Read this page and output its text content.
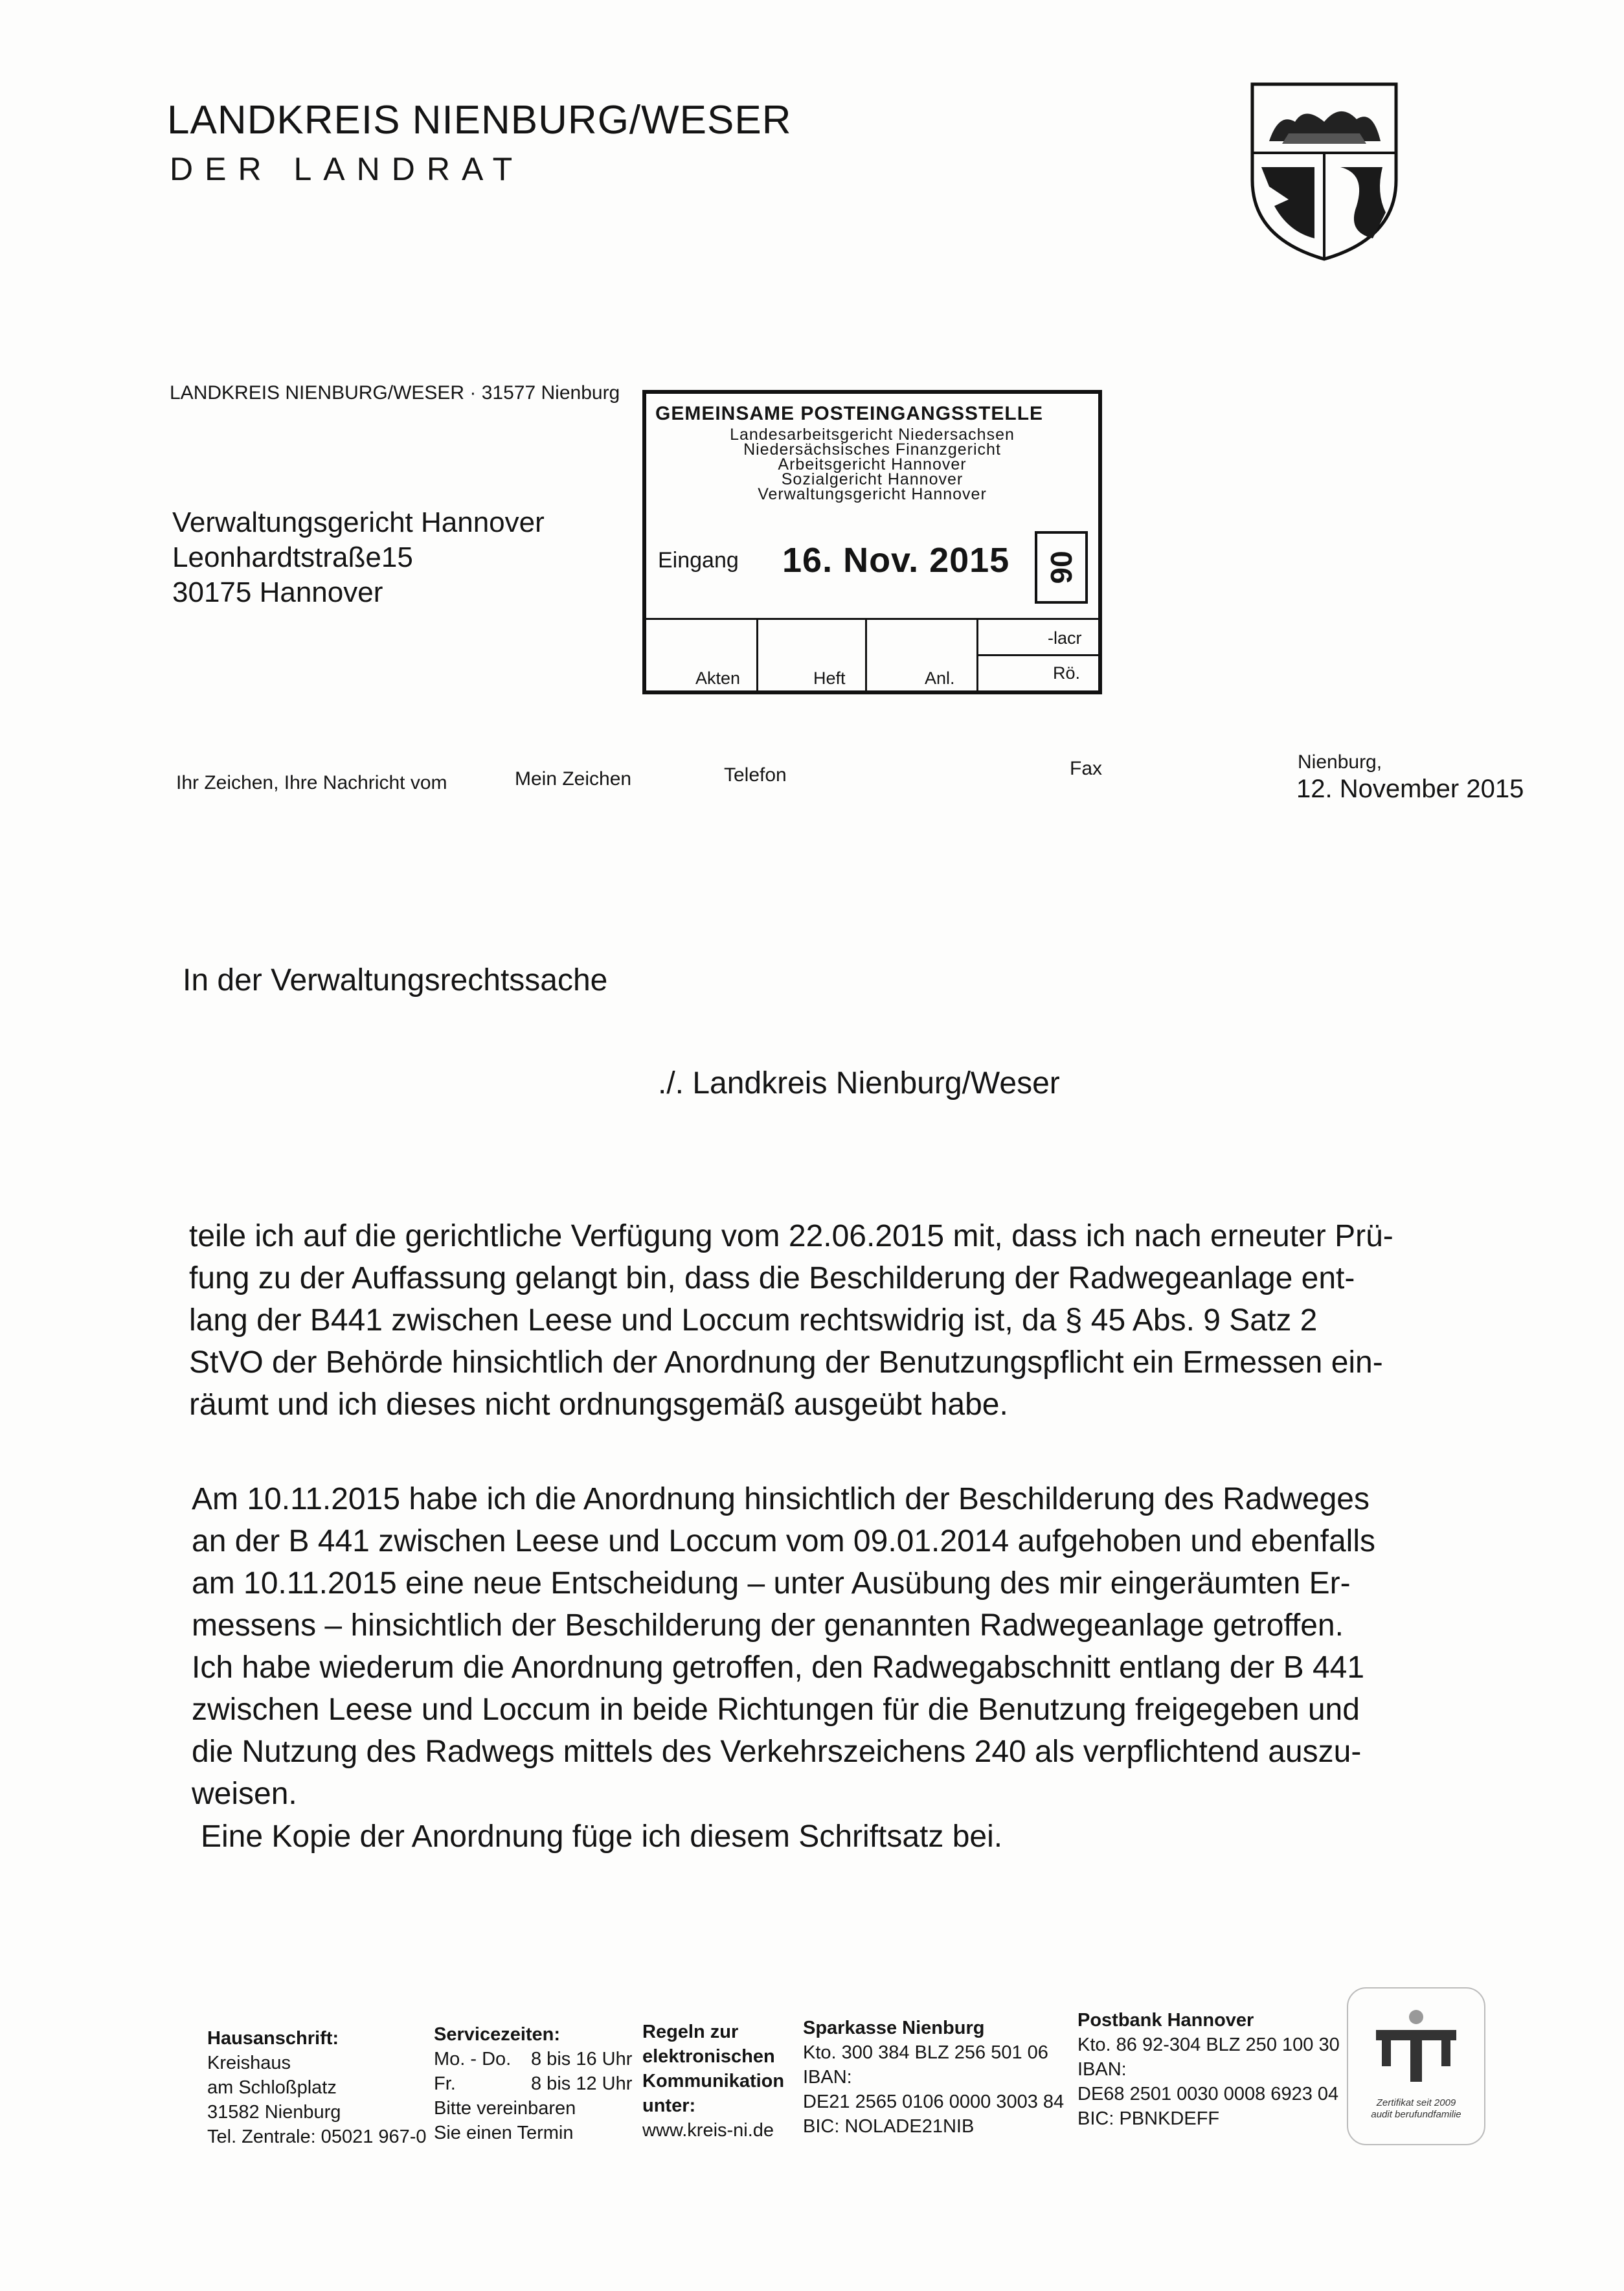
LANDKREIS NIENBURG/WESER
DER LANDRAT
LANDKREIS NIENBURG/WESER · 31577 Nienburg
Verwaltungsgericht Hannover
Leonhardtstraße15
30175 Hannover
GEMEINSAME POSTEINGANGSSTELLE
Landesarbeitsgericht Niedersachsen
Niedersächsisches Finanzgericht
Arbeitsgericht Hannover
Sozialgericht Hannover
Verwaltungsgericht Hannover
Eingang 16. Nov. 2015 06
Akten	Heft	Anl.
-lacr
Rö.
Ihr Zeichen, Ihre Nachricht vom	Mein Zeichen	Telefon	Fax	Nienburg,
12. November 2015
In der Verwaltungsrechtssache
./. Landkreis Nienburg/Weser
teile ich auf die gerichtliche Verfügung vom 22.06.2015 mit, dass ich nach erneuter Prü-
fung zu der Auffassung gelangt bin, dass die Beschilderung der Radwegeanlage ent-
lang der B441 zwischen Leese und Loccum rechtswidrig ist, da § 45 Abs. 9 Satz 2
StVO der Behörde hinsichtlich der Anordnung der Benutzungspflicht ein Ermessen ein-
räumt und ich dieses nicht ordnungsgemäß ausgeübt habe.
Am 10.11.2015 habe ich die Anordnung hinsichtlich der Beschilderung des Radweges
an der B 441 zwischen Leese und Loccum vom 09.01.2014 aufgehoben und ebenfalls
am 10.11.2015 eine neue Entscheidung – unter Ausübung des mir eingeräumten Er-
messens – hinsichtlich der Beschilderung der genannten Radwegeanlage getroffen.
Ich habe wiederum die Anordnung getroffen, den Radwegabschnitt entlang der B 441
zwischen Leese und Loccum in beide Richtungen für die Benutzung freigegeben und
die Nutzung des Radwegs mittels des Verkehrszeichens 240 als verpflichtend auszu-
weisen.
Eine Kopie der Anordnung füge ich diesem Schriftsatz bei.
Hausanschrift:
Kreishaus
am Schloßplatz
31582 Nienburg
Tel. Zentrale: 05021 967-0
Servicezeiten:
Mo. - Do. 8 bis 16 Uhr
Fr.	8 bis 12 Uhr
Bitte vereinbaren
Sie einen Termin
Regeln zur
elektronischen
Kommunikation
unter:
www.kreis-ni.de
Sparkasse Nienburg
Kto. 300 384 BLZ 256 501 06
IBAN:
DE21 2565 0106 0000 3003 84
BIC: NOLADE21NIB
Postbank Hannover
Kto. 86 92-304 BLZ 250 100 30
IBAN:
DE68 2501 0030 0008 6923 04
BIC: PBNKDEFF
Zertifikat seit 2009
audit berufundfamilie
